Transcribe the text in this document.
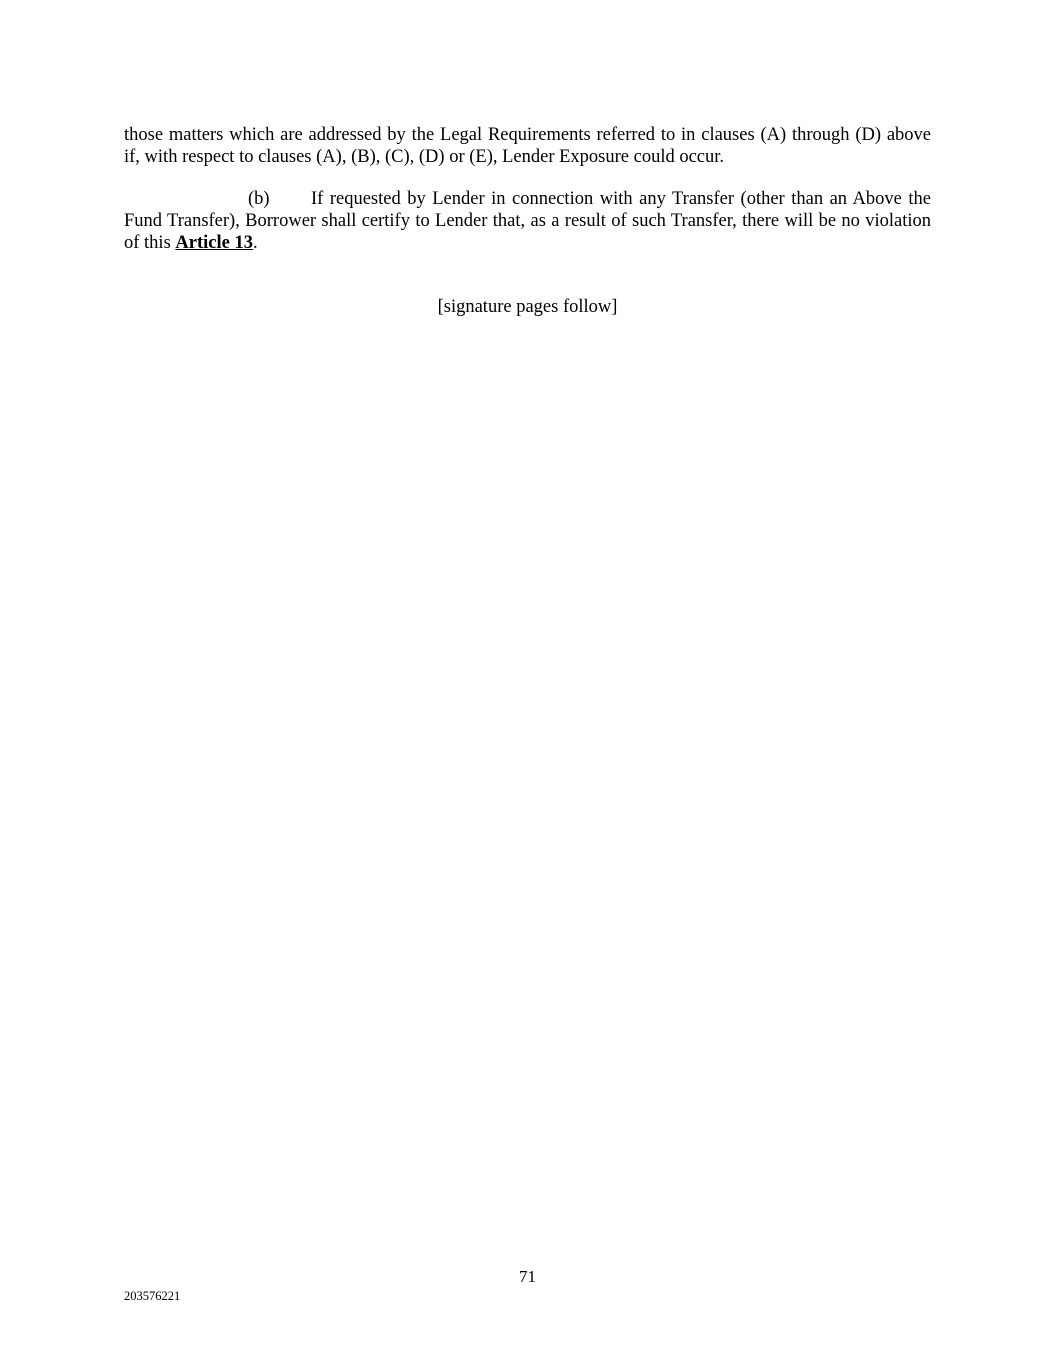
those matters which are addressed by the Legal Requirements referred to in clauses (A) through (D) above if, with respect to clauses (A), (B), (C), (D) or (E), Lender Exposure could occur.

(b) If requested by Lender in connection with any Transfer (other than an Above the
Fund Transfer), Borrower shall certify to Lender that, as a result of such Transfer, there will be no violation of this Article 13.

[signature pages follow]

71

203576221
